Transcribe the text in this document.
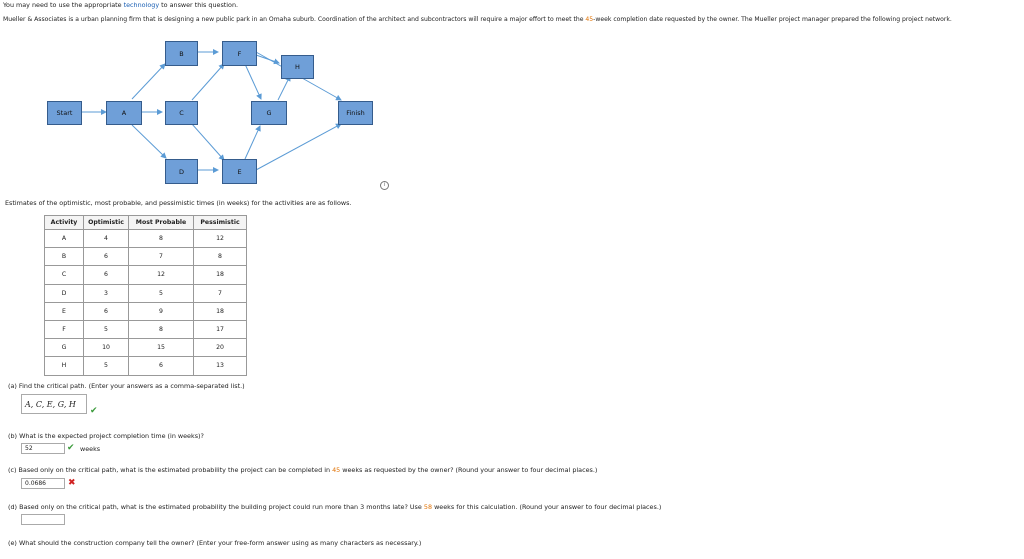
You may need to use the appropriate technology to answer this question.
Mueller & Associates is a urban planning firm that is designing a new public park in an Omaha suburb. Coordination of the architect and subcontractors will require a major effort to meet the 45-week completion date requested by the owner. The Mueller project manager prepared the following project network.
Start	A
B
C
D
F
E
G
H
Finish
i
Estimates of the optimistic, most probable, and pessimistic times (in weeks) for the activities are as follows.
Activity	Optimistic	Most Probable	Pessimistic
A	4	8	12
B	6	7	8
C	6	12	18
D	3	5	7
E	6	9	18
F	5	8	17
G	10	15	20
H	5	6	13
(a) Find the critical path. (Enter your answers as a comma-separated list.)
A, C, E, G, H
✔
(b) What is the expected project completion time (in weeks)?
52	✔ weeks
(c) Based only on the critical path, what is the estimated probability the project can be completed in 45 weeks as requested by the owner? (Round your answer to four decimal places.)
0.0686	✖
(d) Based only on the critical path, what is the estimated probability the building project could run more than 3 months late? Use 58 weeks for this calculation. (Round your answer to four decimal places.)
(e) What should the construction company tell the owner? (Enter your free-form answer using as many characters as necessary.)
